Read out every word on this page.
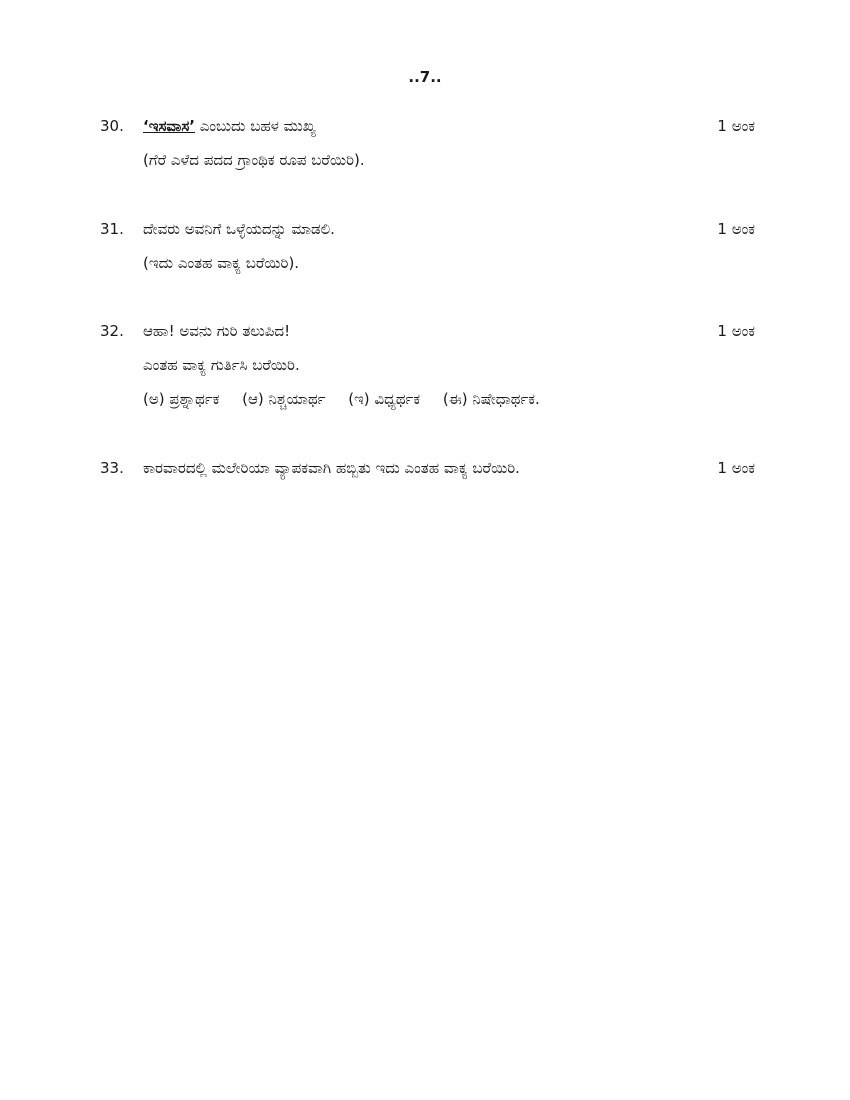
..7..
30. ‘ಇಸವಾಸ’ ಎಂಬುದು ಬಹಳ ಮುಖ್ಯ	1 ಅಂಕ
(ಗೆರೆ ಎಳೆದ ಪದದ ಗ್ರಾಂಥಿಕ ರೂಪ ಬರೆಯಿರಿ).
31. ದೇವರು ಅವನಿಗೆ ಒಳ್ಳೆಯದನ್ನು ಮಾಡಲಿ.	1 ಅಂಕ
(ಇದು ಎಂತಹ ವಾಕ್ಯ ಬರೆಯಿರಿ).
32. ಆಹಾ! ಅವನು ಗುರಿ ತಲುಪಿದ!	1 ಅಂಕ
ಎಂತಹ ವಾಕ್ಯ ಗುರ್ತಿಸಿ ಬರೆಯಿರಿ.
(ಅ) ಪ್ರಶ್ನಾರ್ಥಕ (ಆ) ನಿಶ್ಚಯಾರ್ಥ (ಇ) ವಿಧ್ಯರ್ಥಕ (ಈ) ನಿಷೇಧಾರ್ಥಕ.
33. ಕಾರವಾರದಲ್ಲಿ ಮಲೇರಿಯಾ ವ್ಯಾಪಕವಾಗಿ ಹಬ್ಬಿತು ಇದು ಎಂತಹ ವಾಕ್ಯ ಬರೆಯಿರಿ.	1 ಅಂಕ
